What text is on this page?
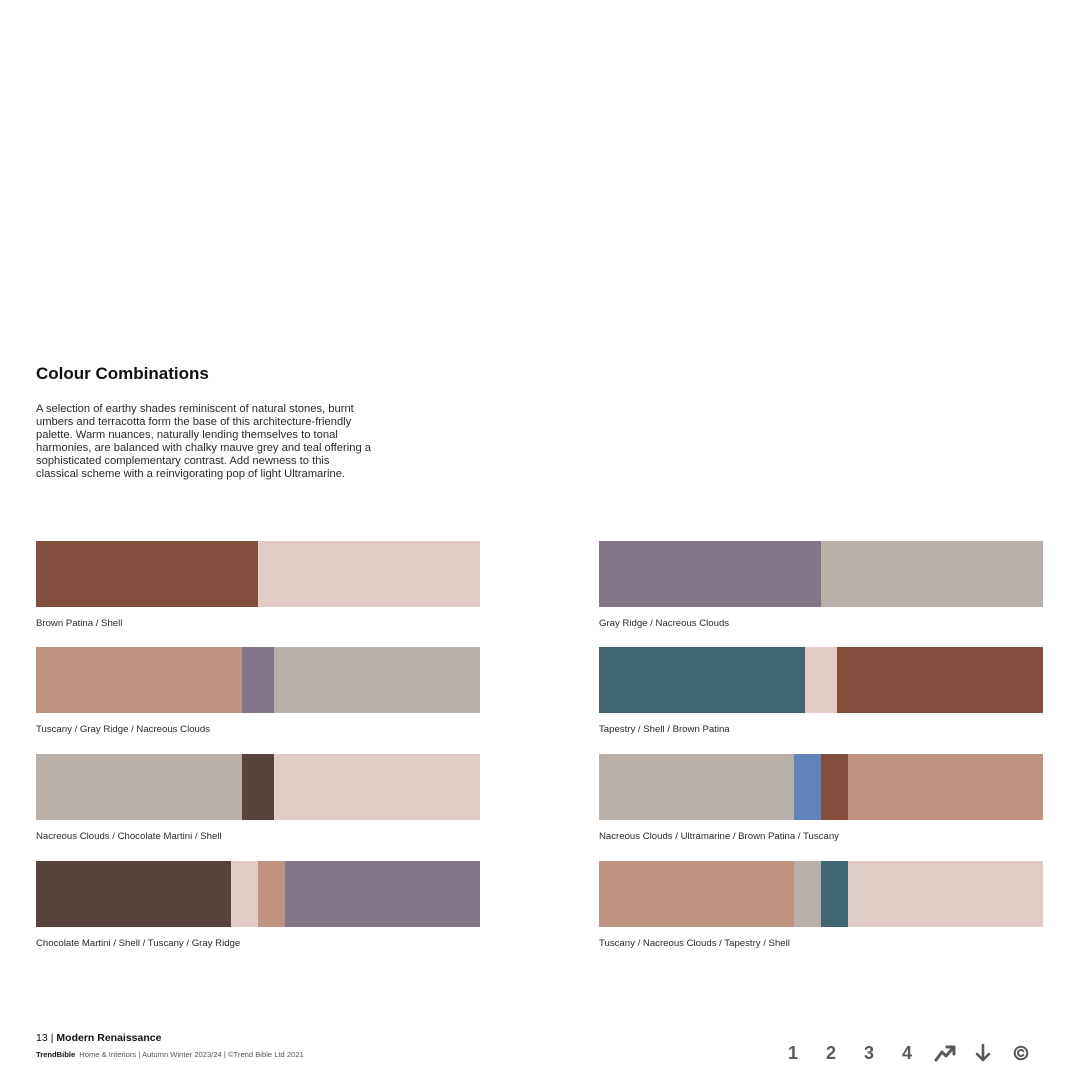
Colour Combinations

A selection of earthy shades reminiscent of natural stones, burnt umbers and terracotta form the base of this architecture-friendly palette. Warm nuances, naturally lending themselves to tonal harmonies, are balanced with chalky mauve grey and teal offering a sophisticated complementary contrast. Add newness to this classical scheme with a reinvigorating pop of light Ultramarine.

Brown Patina / Shell	Gray Ridge / Nacreous Clouds
Tuscany / Gray Ridge / Nacreous Clouds	Tapestry / Shell / Brown Patina
Nacreous Clouds / Chocolate Martini / Shell	Nacreous Clouds / Ultramarine / Brown Patina / Tuscany
Chocolate Martini / Shell / Tuscany / Gray Ridge	Tuscany / Nacreous Clouds / Tapestry / Shell
13 | Modern Renaissance
TrendBible Home & Interiors | Autumn Winter 2023/24 | ©Trend Bible Ltd 2021	1	2	3	4
